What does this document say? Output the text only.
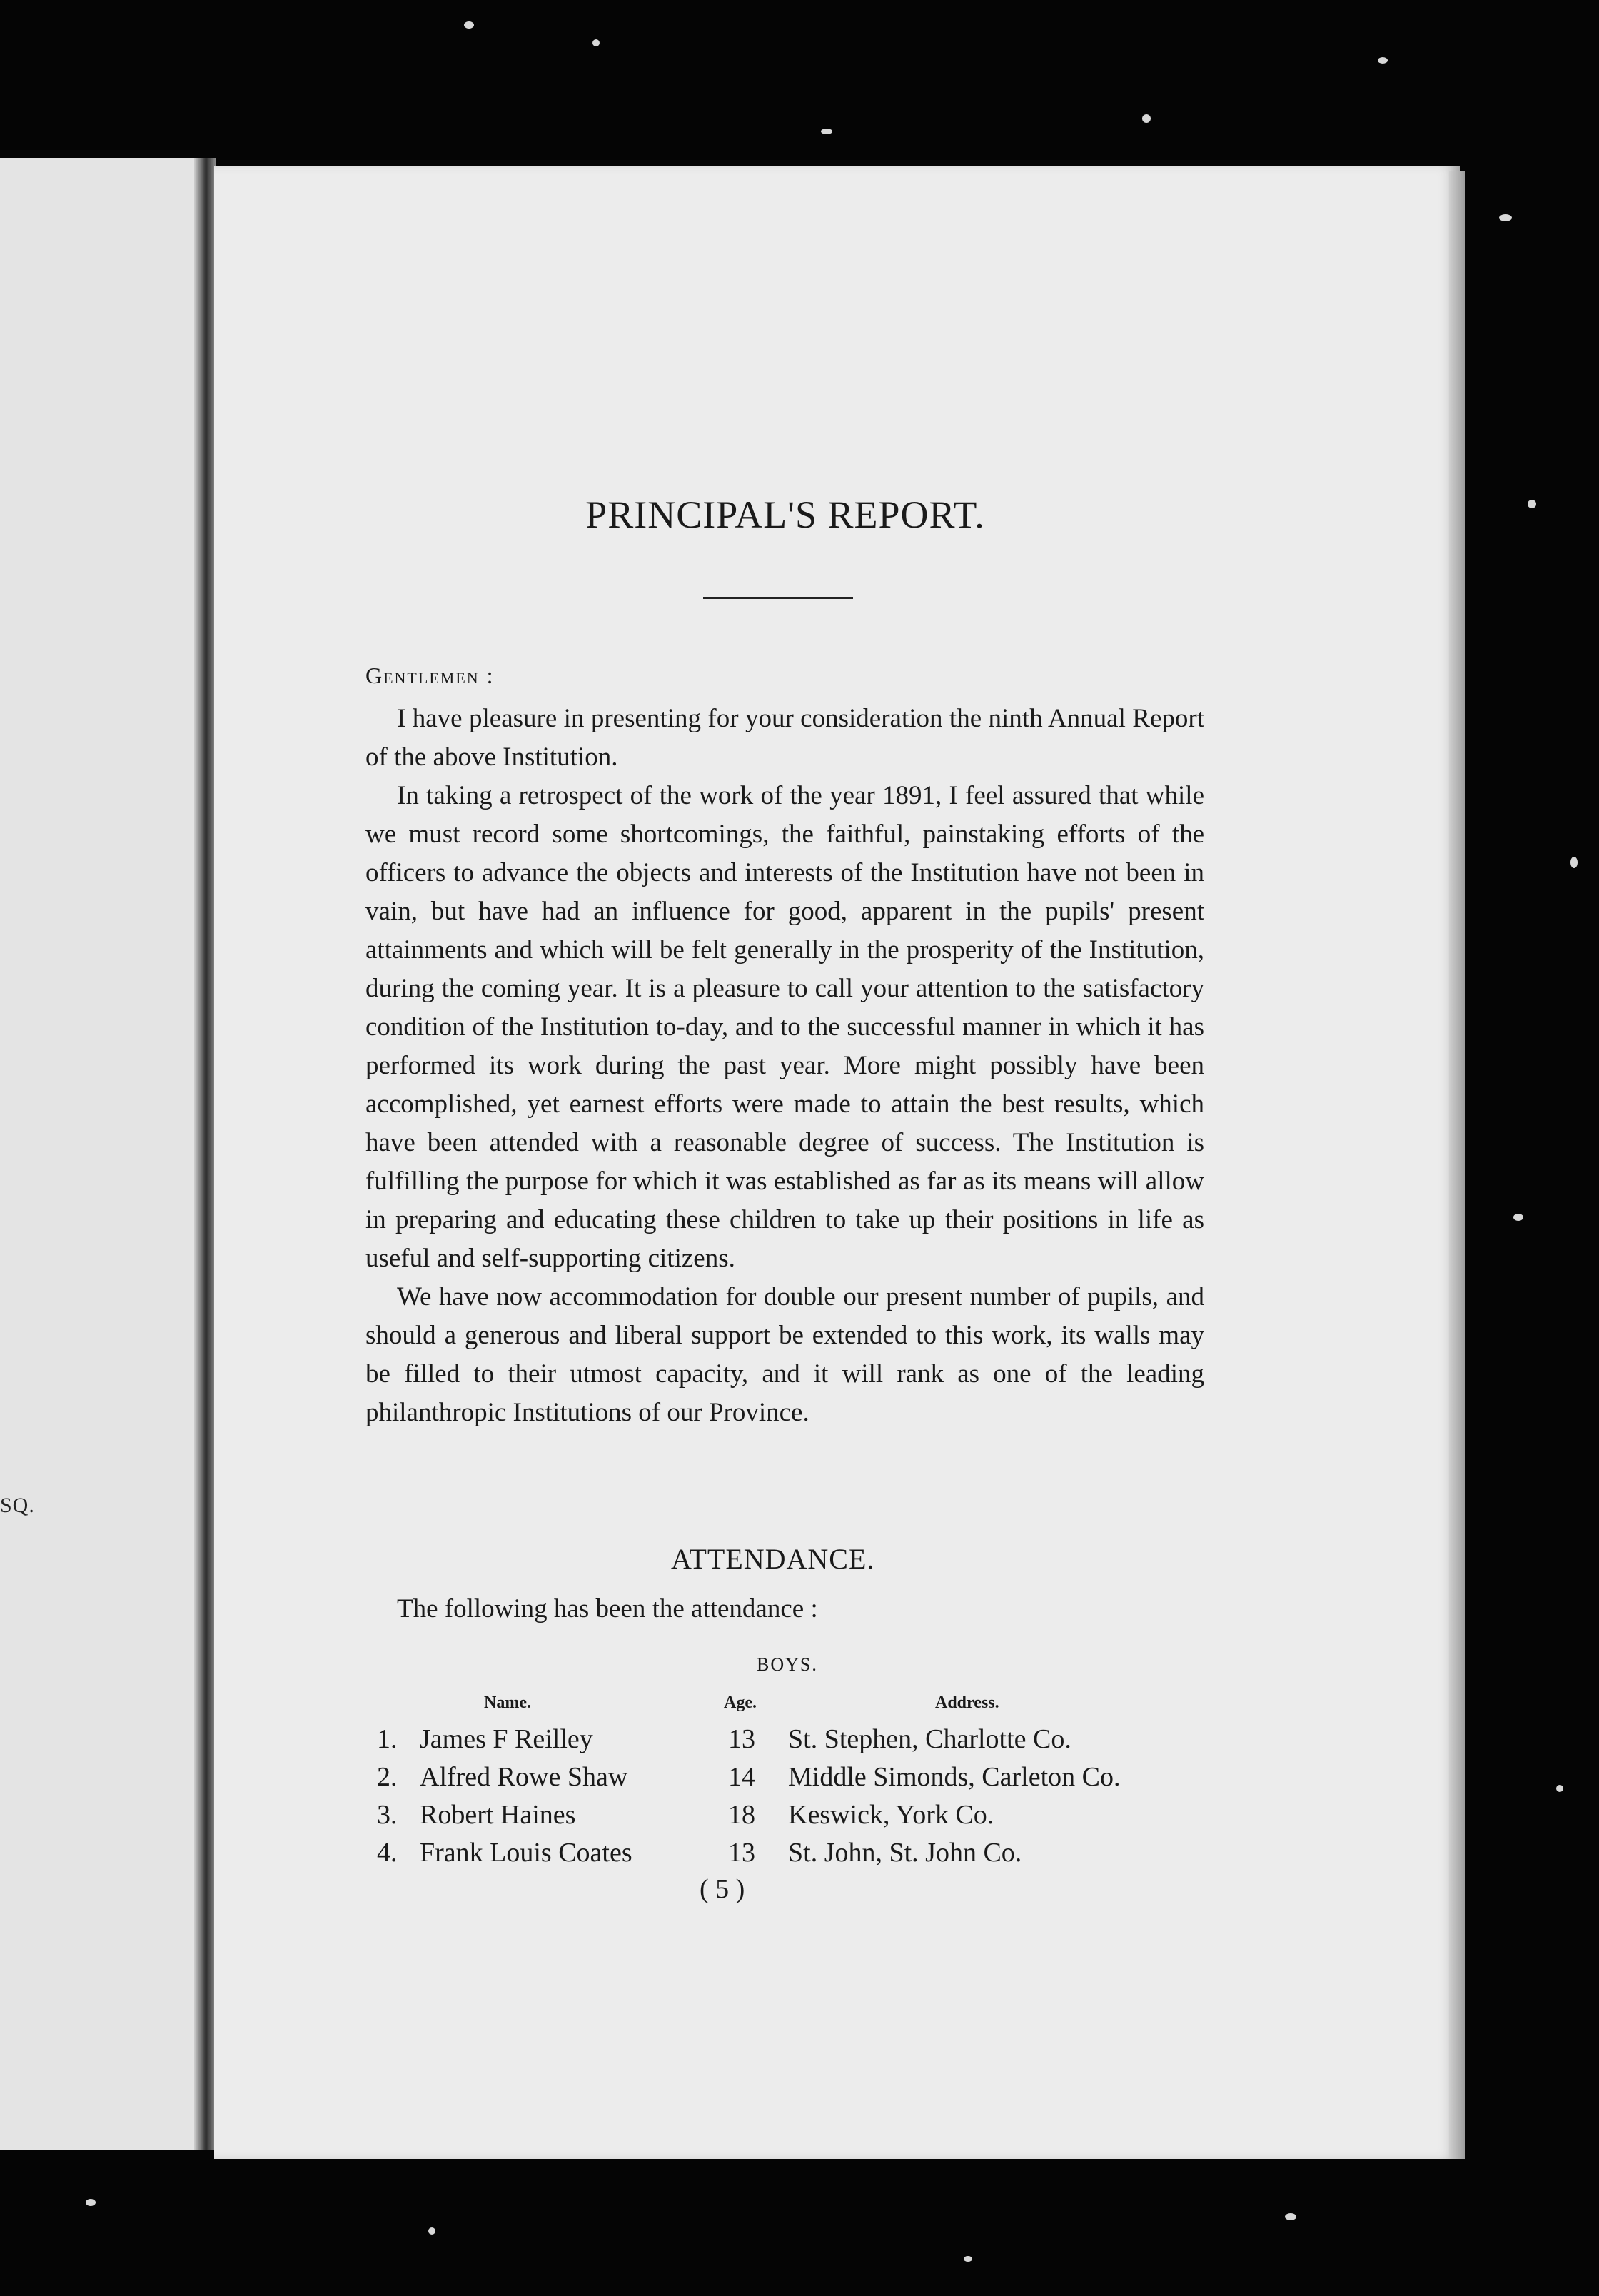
SQ.
PRINCIPAL'S REPORT.
Gentlemen :

I have pleasure in presenting for your consideration the ninth Annual Report of the above Institution.

In taking a retrospect of the work of the year 1891, I feel assured that while we must record some shortcomings, the faithful, painstaking efforts of the officers to advance the objects and interests of the Institution have not been in vain, but have had an influence for good, apparent in the pupils' present attainments and which will be felt generally in the prosperity of the Institution, during the coming year. It is a pleasure to call your attention to the satisfactory condition of the Institution to-day, and to the successful manner in which it has performed its work during the past year. More might possibly have been accomplished, yet earnest efforts were made to attain the best results, which have been attended with a reasonable degree of success. The Institution is fulfilling the purpose for which it was established as far as its means will allow in preparing and educating these children to take up their positions in life as useful and self-supporting citizens.

We have now accommodation for double our present number of pupils, and should a generous and liberal support be extended to this work, its walls may be filled to their utmost capacity, and it will rank as one of the leading philanthropic Institutions of our Province.

ATTENDANCE.
The following has been the attendance :
BOYS.
Name.	Age.	Address.
1. James F Reilley	13 St. Stephen, Charlotte Co.
2. Alfred Rowe Shaw	14 Middle Simonds, Carleton Co.
3. Robert Haines	18 Keswick, York Co.
4. Frank Louis Coates	13 St. John, St. John Co.
( 5 )
